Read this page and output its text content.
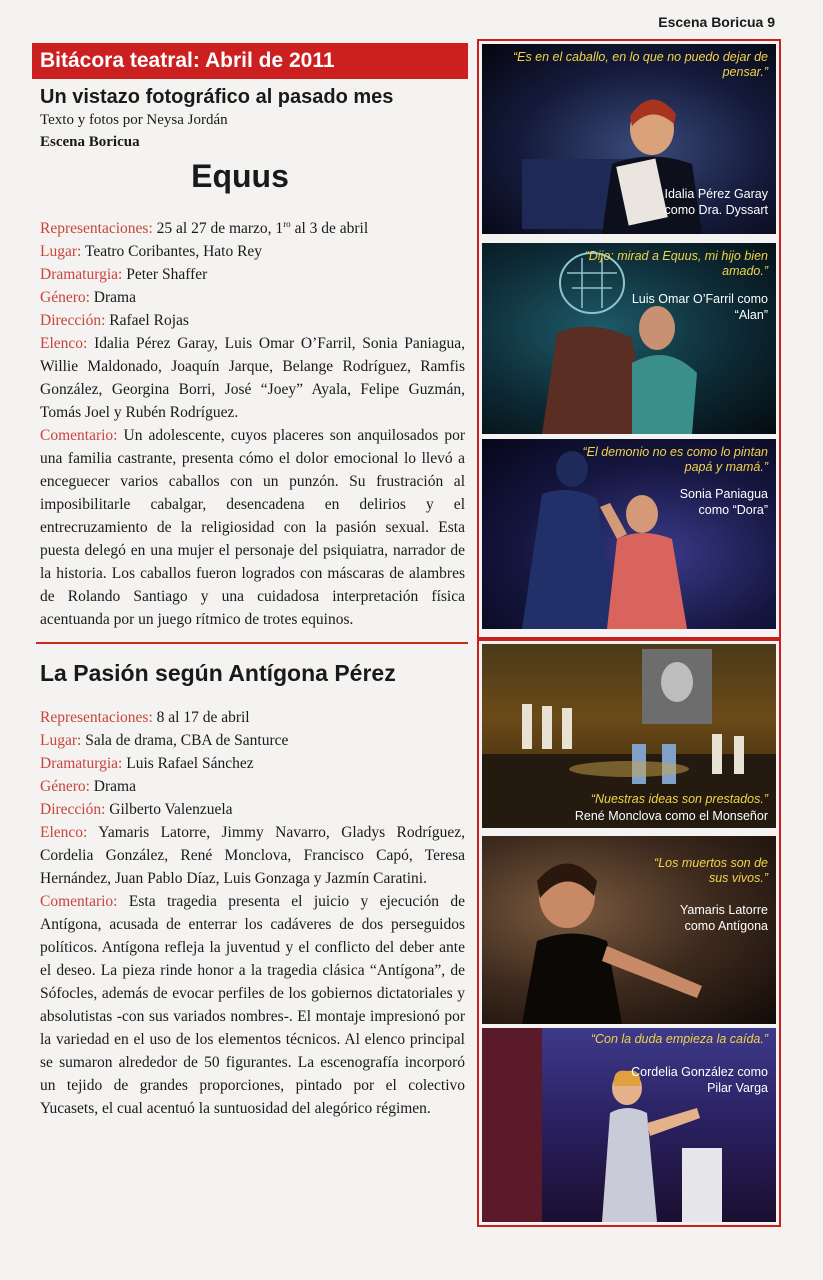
Escena Boricua 9
Bitácora teatral: Abril de 2011
Un vistazo fotográfico al pasado mes
Texto y fotos por Neysa Jordán
Escena Boricua
Equus
Representaciones: 25 al 27 de marzo, $1^{ro}$ al 3 de abril
Lugar: Teatro Coribantes, Hato Rey
Dramaturgia: Peter Shaffer
Género: Drama
Dirección: Rafael Rojas
Elenco: Idalia Pérez Garay, Luis Omar O’Farril, Sonia Paniagua, Willie Maldonado, Joaquín Jarque, Belange Rodríguez, Ramfis González, Georgina Borri, José “Joey” Ayala, Felipe Guzmán, Tomás Joel y Rubén Rodríguez.
Comentario: Un adolescente, cuyos placeres son anquilosados por una familia castrante, presenta cómo el dolor emocional lo llevó a enceguecer varios caballos con un punzón. Su frustración al imposibilitarle cabalgar, desencadena en delirios y el entrecruzamiento de la religiosidad con la pasión sexual. Esta puesta delegó en una mujer el personaje del psiquiatra, narrador de la historia. Los caballos fueron logrados con máscaras de alambres de Rolando Santiago y una cuidadosa interpretación física acentuanda por un juego rítmico de trotes equinos.
La Pasión según Antígona Pérez
Representaciones: 8 al 17 de abril
Lugar: Sala de drama, CBA de Santurce
Dramaturgia: Luis Rafael Sánchez
Género: Drama
Dirección: Gilberto Valenzuela
Elenco: Yamaris Latorre, Jimmy Navarro, Gladys Rodríguez, Cordelia González, René Monclova, Francisco Capó, Teresa Hernández, Juan Pablo Díaz, Luis Gonzaga y Jazmín Caratini.
Comentario: Esta tragedia presenta el juicio y ejecución de Antígona, acusada de enterrar los cadáveres de dos perseguidos políticos. Antígona refleja la juventud y el conflicto del deber ante el deseo. La pieza rinde honor a la tragedia clásica “Antígona”, de Sófocles, además de evocar perfiles de los gobiernos dictatoriales y absolutistas -con sus variados nombres-. El montaje impresionó por la variedad en el uso de los elementos técnicos. Al elenco principal se sumaron alrededor de 50 figurantes. La escenografía incorporó un tejido de grandes proporciones, pintado por el colectivo Yucasets, el cual acentuó la suntuosidad del alegórico régimen.
“Es en el caballo, en lo que no puedo dejar de pensar.”
Idalia Pérez Garay como Dra. Dyssart
“Dijo: mirad a Equus, mi hijo bien amado.”
Luis Omar O’Farril como “Alan”
“El demonio no es como lo pintan papá y mamá.”
Sonia Paniagua como “Dora”
“Nuestras ideas son prestados.”
René Monclova como el Monseñor
“Los muertos son de sus vivos.”
Yamaris Latorre como Antígona
“Con la duda empieza la caída.”
Cordelia González como Pilar Varga
